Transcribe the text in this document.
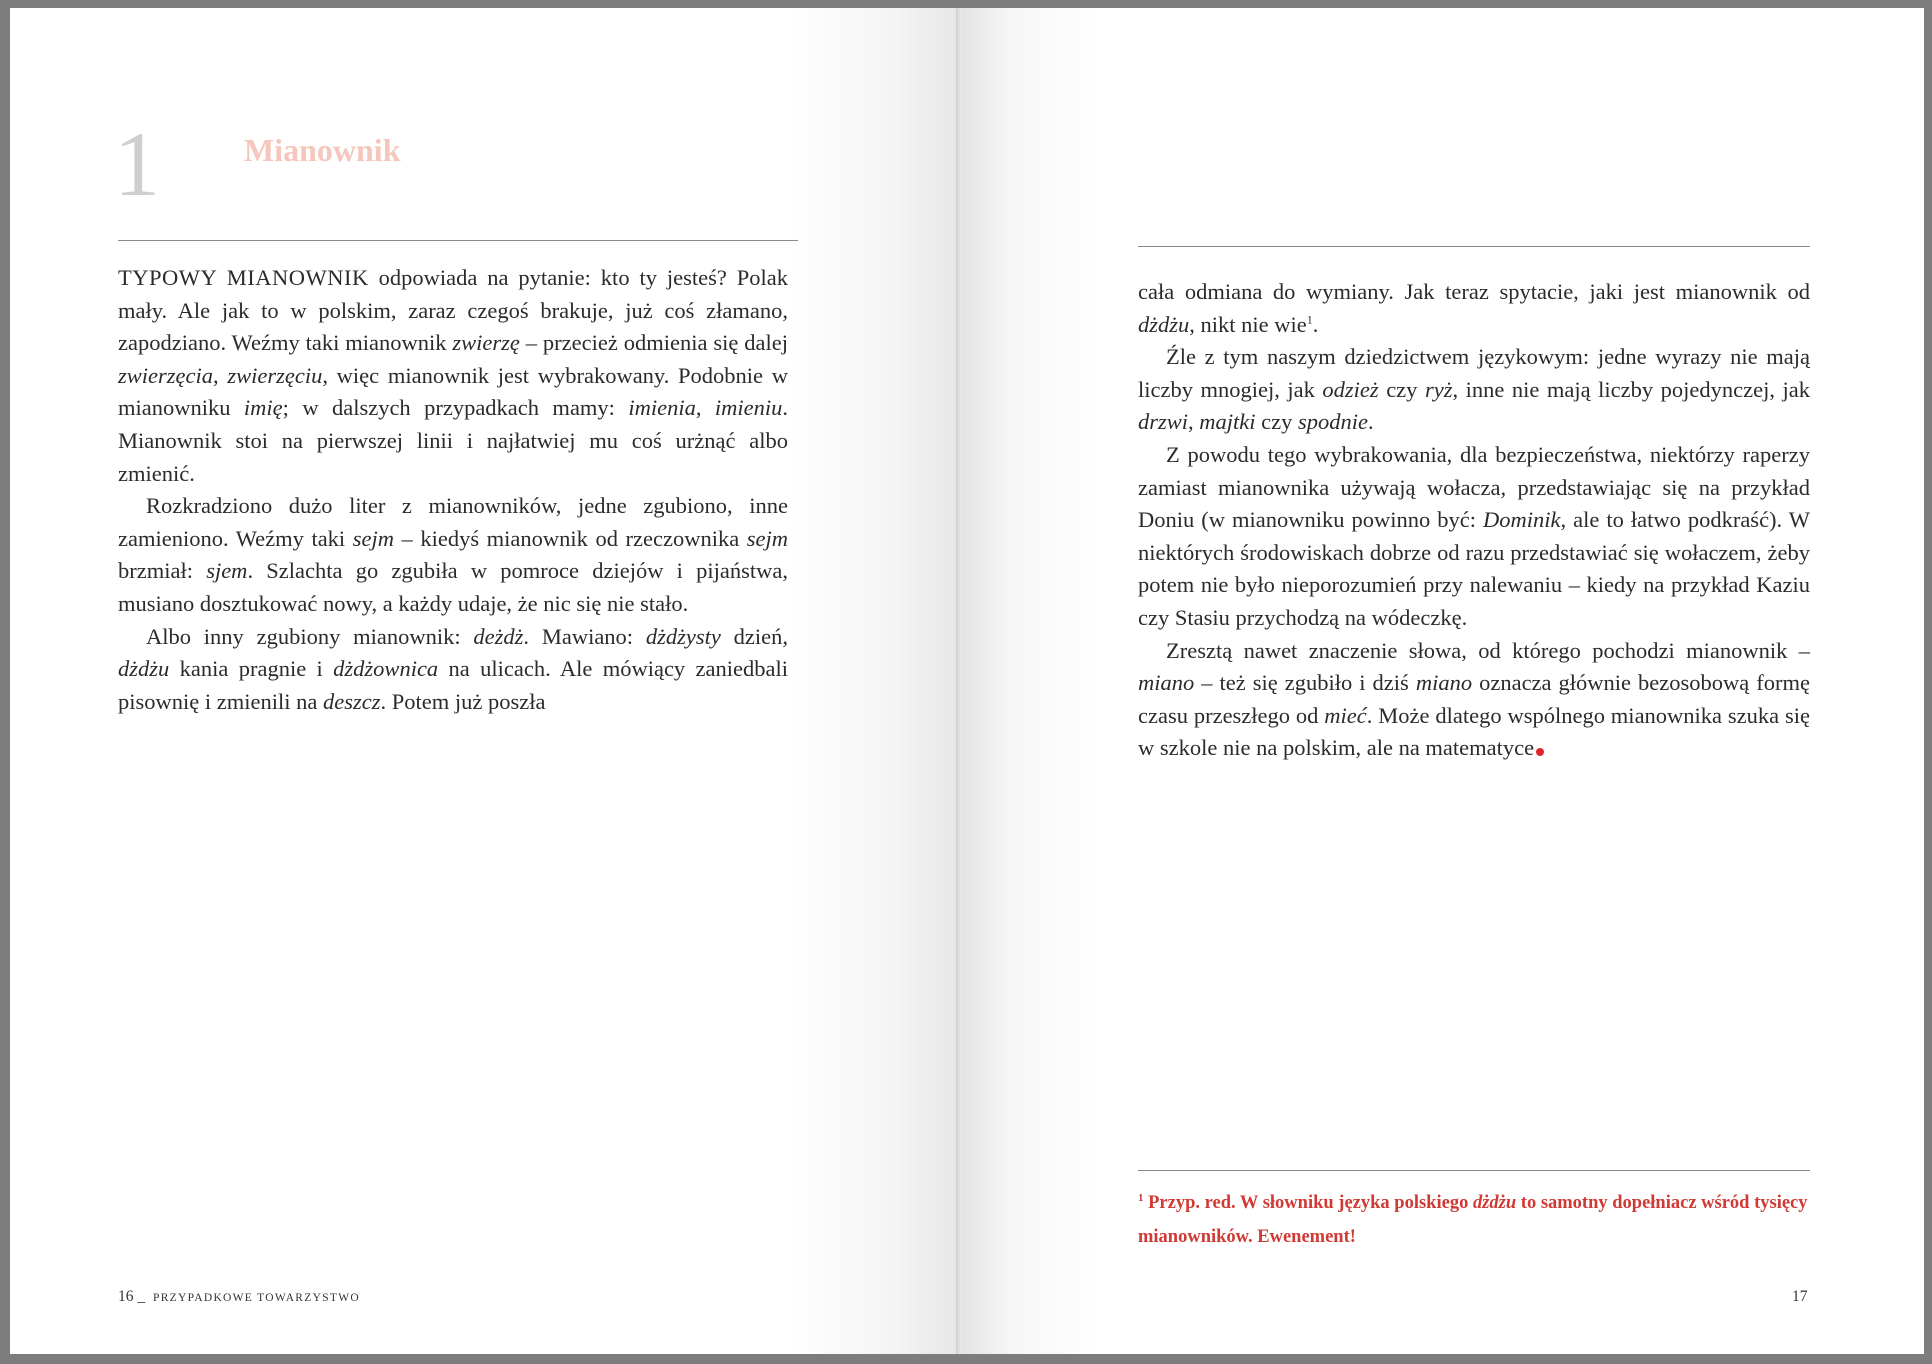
1	Mianownik

TYPOWY MIANOWNIK odpowiada na pytanie: kto ty jesteś? Polak mały. Ale jak to w polskim, zaraz czegoś brakuje, już coś złamano, zapodziano. Weźmy taki mianownik zwierzę – przecież odmienia się dalej zwierzęcia, zwierzęciu, więc mianownik jest wybrakowany. Podobnie w mianowniku imię; w dalszych przypadkach mamy: imienia, imieniu. Mianownik stoi na pierwszej linii i najłatwiej mu coś urżnąć albo zmienić.

Rozkradziono dużo liter z mianowników, jedne zgubiono, inne zamieniono. Weźmy taki sejm – kiedyś mianownik od rzeczownika sejm brzmiał: sjem. Szlachta go zgubiła w pomroce dziejów i pijaństwa, musiano dosztukować nowy, a każdy udaje, że nic się nie stało.

Albo inny zgubiony mianownik: deżdż. Mawiano: dżdżysty dzień, dżdżu kania pragnie i dżdżownica na ulicach. Ale mówiący zaniedbali pisownię i zmienili na deszcz. Potem już poszła

16 _ PRZYPADKOWE TOWARZYSTWO

cała odmiana do wymiany. Jak teraz spytacie, jaki jest mianownik od dżdżu, nikt nie wie$^1$.

Źle z tym naszym dziedzictwem językowym: jedne wyrazy nie mają liczby mnogiej, jak odzież czy ryż, inne nie mają liczby pojedynczej, jak drzwi, majtki czy spodnie.

Z powodu tego wybrakowania, dla bezpieczeństwa, niektórzy raperzy zamiast mianownika używają wołacza, przedstawiając się na przykład Doniu (w mianowniku powinno być: Dominik, ale to łatwo podkraść). W niektórych środowiskach dobrze od razu przedstawiać się wołaczem, żeby potem nie było nieporozumień przy nalewaniu – kiedy na przykład Kaziu czy Stasiu przychodzą na wódeczkę.

Zresztą nawet znaczenie słowa, od którego pochodzi mianownik – miano – też się zgubiło i dziś miano oznacza głównie bezosobową formę czasu przeszłego od mieć. Może dlatego wspólnego mianownika szuka się w szkole nie na polskim, ale na matematyce

$^1$ Przyp. red. W słowniku języka polskiego dżdżu to samotny dopełniacz wśród tysięcy mianowników. Ewenement!
17
